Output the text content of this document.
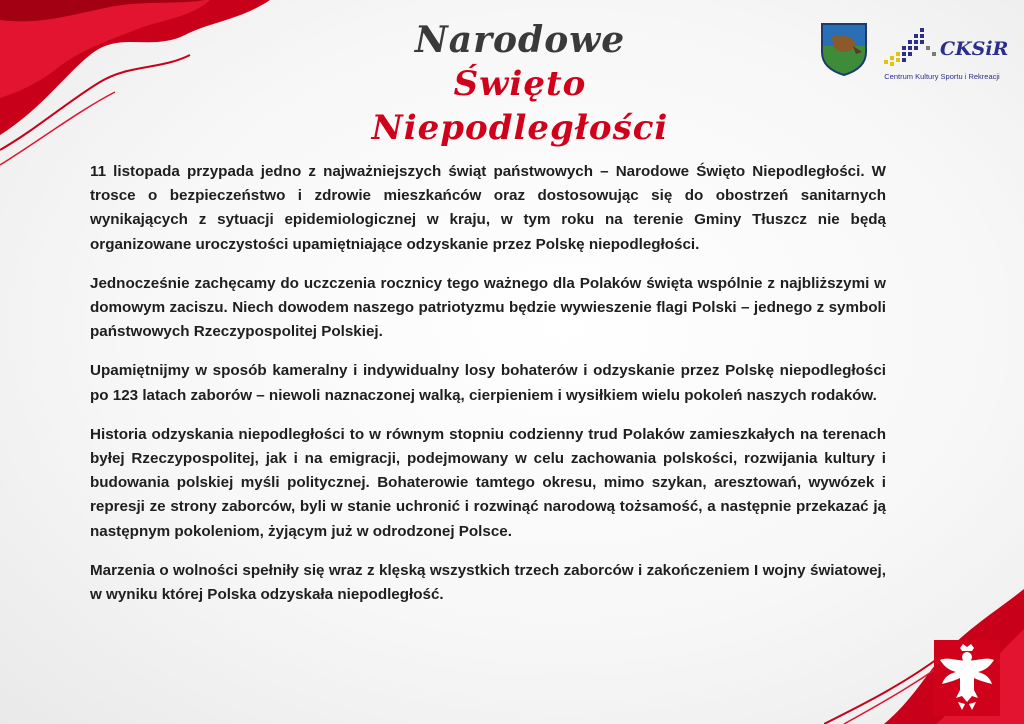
Narodowe
Święto Niepodległości
CKSiR
Centrum Kultury Sportu i Rekreacji

11 listopada przypada jedno z najważniejszych świąt państwowych – Narodowe Święto Niepodległości. W trosce o bezpieczeństwo i zdrowie mieszkańców oraz dostosowując się do obostrzeń sanitarnych wynikających z sytuacji epidemiologicznej w kraju, w tym roku na terenie Gminy Tłuszcz nie będą organizowane uroczystości upamiętniające odzyskanie przez Polskę niepodległości.

Jednocześnie zachęcamy do uczczenia rocznicy tego ważnego dla Polaków święta wspólnie z najbliższymi w domowym zaciszu. Niech dowodem naszego patriotyzmu będzie wywieszenie flagi Polski – jednego z symboli państwowych Rzeczypospolitej Polskiej.

Upamiętnijmy w sposób kameralny i indywidualny losy bohaterów i odzyskanie przez Polskę niepodległości po 123 latach zaborów – niewoli naznaczonej walką, cierpieniem i wysiłkiem wielu pokoleń naszych rodaków.

Historia odzyskania niepodległości to w równym stopniu codzienny trud Polaków zamieszkałych na terenach byłej Rzeczypospolitej, jak i na emigracji, podejmowany w celu zachowania polskości, rozwijania kultury i budowania polskiej myśli politycznej. Bohaterowie tamtego okresu, mimo szykan, aresztowań, wywózek i represji ze strony zaborców, byli w stanie uchronić i rozwinąć narodową tożsamość, a następnie przekazać ją następnym pokoleniom, żyjącym już w odrodzonej Polsce.

Marzenia o wolności spełniły się wraz z klęską wszystkich trzech zaborców i zakończeniem I wojny światowej, w wyniku której Polska odzyskała niepodległość.
